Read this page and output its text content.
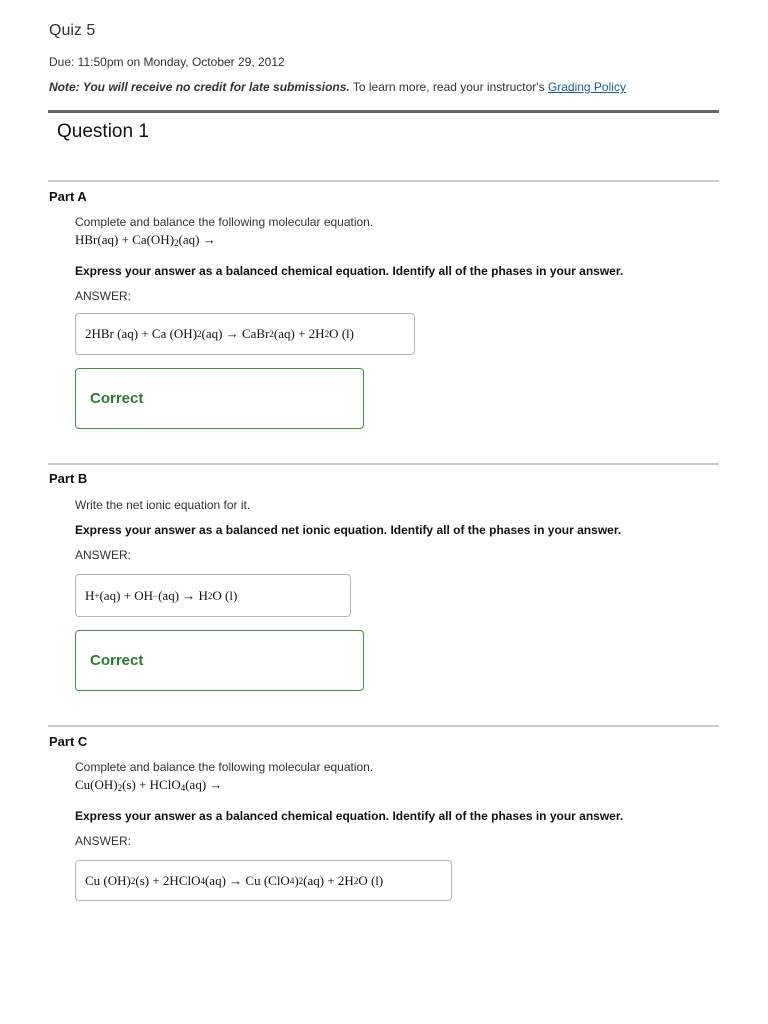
Quiz 5
Due: 11:50pm on Monday, October 29, 2012
Note: You will receive no credit for late submissions. To learn more, read your instructor's Grading Policy
Question 1
Part A
Complete and balance the following molecular equation.
$HBr(aq) + Ca(OH)_2(aq)$ →
Express your answer as a balanced chemical equation. Identify all of the phases in your answer.
ANSWER:
2HBr (aq) + Ca (OH) 2 (aq) → CaBr 2 (aq) + 2H 2 O (l)
Correct
Part B
Write the net ionic equation for it.
Express your answer as a balanced net ionic equation. Identify all of the phases in your answer.
ANSWER:
H + (aq) + OH − (aq) → H 2 O (l)
Correct
Part C
Complete and balance the following molecular equation.
$Cu(OH)_2(s)$ + HClO$_4$(aq) →
Express your answer as a balanced chemical equation. Identify all of the phases in your answer.
ANSWER:
Cu (OH) 2 (s) + 2HClO 4 (aq) → Cu (ClO 4 ) 2 (aq) + 2H 2 O (l)
